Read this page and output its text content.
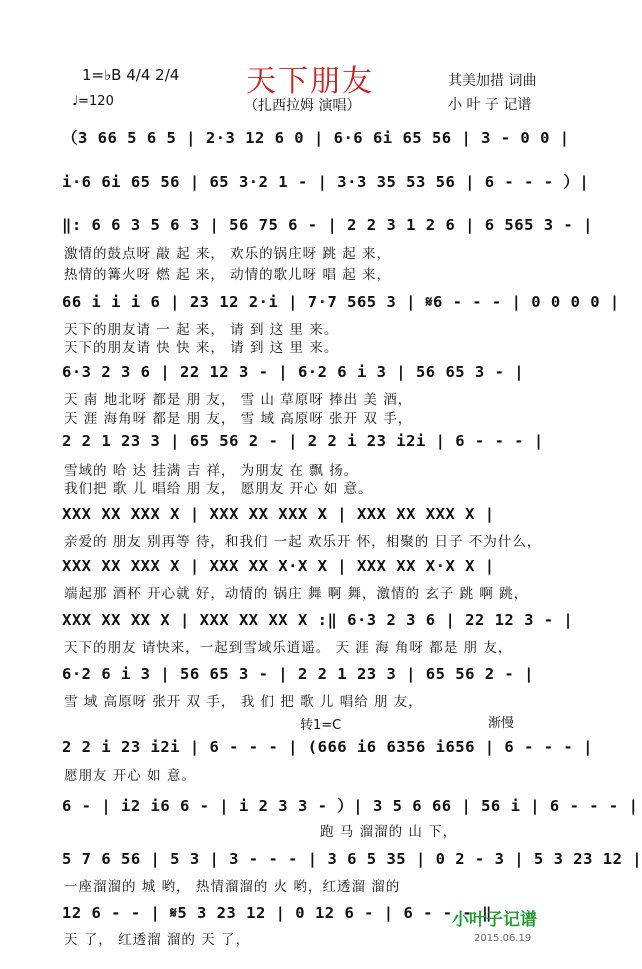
天下朋友
（扎西拉姆 演唱）
1=♭B 4/4 2/4
♩=120
其美加措 词曲
小 叶 子 记谱
（3 66 5 6 5 | 2·3 12 6 0 | 6·6 6i 65 56 | 3 - 0 0 |
i·6 6i 65 56 | 65 3·2 1 - | 3·3 35 53 56 | 6 - - - ）|
‖: 6 6 3 5 6 3 | 56 75 6 - | 2 2 3 1 2 6 | 6 565 3 - |
激情的鼓点呀 敲 起 来， 欢乐的锅庄呀 跳 起 来，
热情的篝火呀 燃 起 来， 动情的歌儿呀 唱 起 来，
66 i i i 6 | 23 12 2·i | 7·7 565 3 | 𝄋6 - - - | 0 0 0 0 |
天下的朋友请 一 起 来， 请 到 这 里 来。
天下的朋友请 快 快 来， 请 到 这 里 来。
6·3 2 3 6 | 22 12 3 - | 6·2 6 i 3 | 56 65 3 - |
天 南 地北呀 都是 朋 友， 雪 山 草原呀 捧出 美 酒，
天 涯 海角呀 都是 朋 友， 雪 域 高原呀 张开 双 手，
2 2 1 23 3 | 65 56 2 - | 2 2 i 23 i2i | 6 - - - |
雪域的 哈 达 挂满 吉 祥， 为朋友 在 飘 扬。
我们把 歌 儿 唱给 朋 友， 愿朋友 开心 如 意。
XXX XX XXX X | XXX XX XXX X | XXX XX XXX X |
亲爱的 朋友 别再等 待，和我们 一起 欢乐开 怀，相聚的 日子 不为什么，
XXX XX XXX X | XXX XX X·X X | XXX XX X·X X |
端起那 酒杯 开心就 好，动情的 锅庄 舞 啊 舞，激情的 玄子 跳 啊 跳，
XXX XX XX X | XXX XX XX X :‖ 6·3 2 3 6 | 22 12 3 - |
天下的朋友 请快来，一起到雪域乐逍遥。 天 涯 海 角呀 都是 朋 友，
6·2 6 i 3 | 56 65 3 - | 2 2 1 23 3 | 65 56 2 - |
雪 域 高原呀 张开 双 手， 我 们 把 歌 儿 唱给 朋 友，
转1=C	渐慢
2 2 i 23 i2i | 6 - - - | (666 i6 6356 i656 | 6 - - - |
愿朋友 开心 如 意。
6 - | i2 i6 6 - | i 2 3 3 - ）| 3 5 6 66 | 56 i | 6 - - - |
跑 马 溜溜的 山 下，
5 7 6 56 | 5 3 | 3 - - - | 3 6 5 35 | 0 2 - 3 | 5 3 23 12 |
一座溜溜的 城 哟， 热情溜溜的 火 哟，红透溜 溜的
12 6 - - | 𝄋5 3 23 12 | 0 12 6 - | 6 - - - ‖
天 了， 红透溜 溜的 天 了，
小叶子记谱
2015.06.19
